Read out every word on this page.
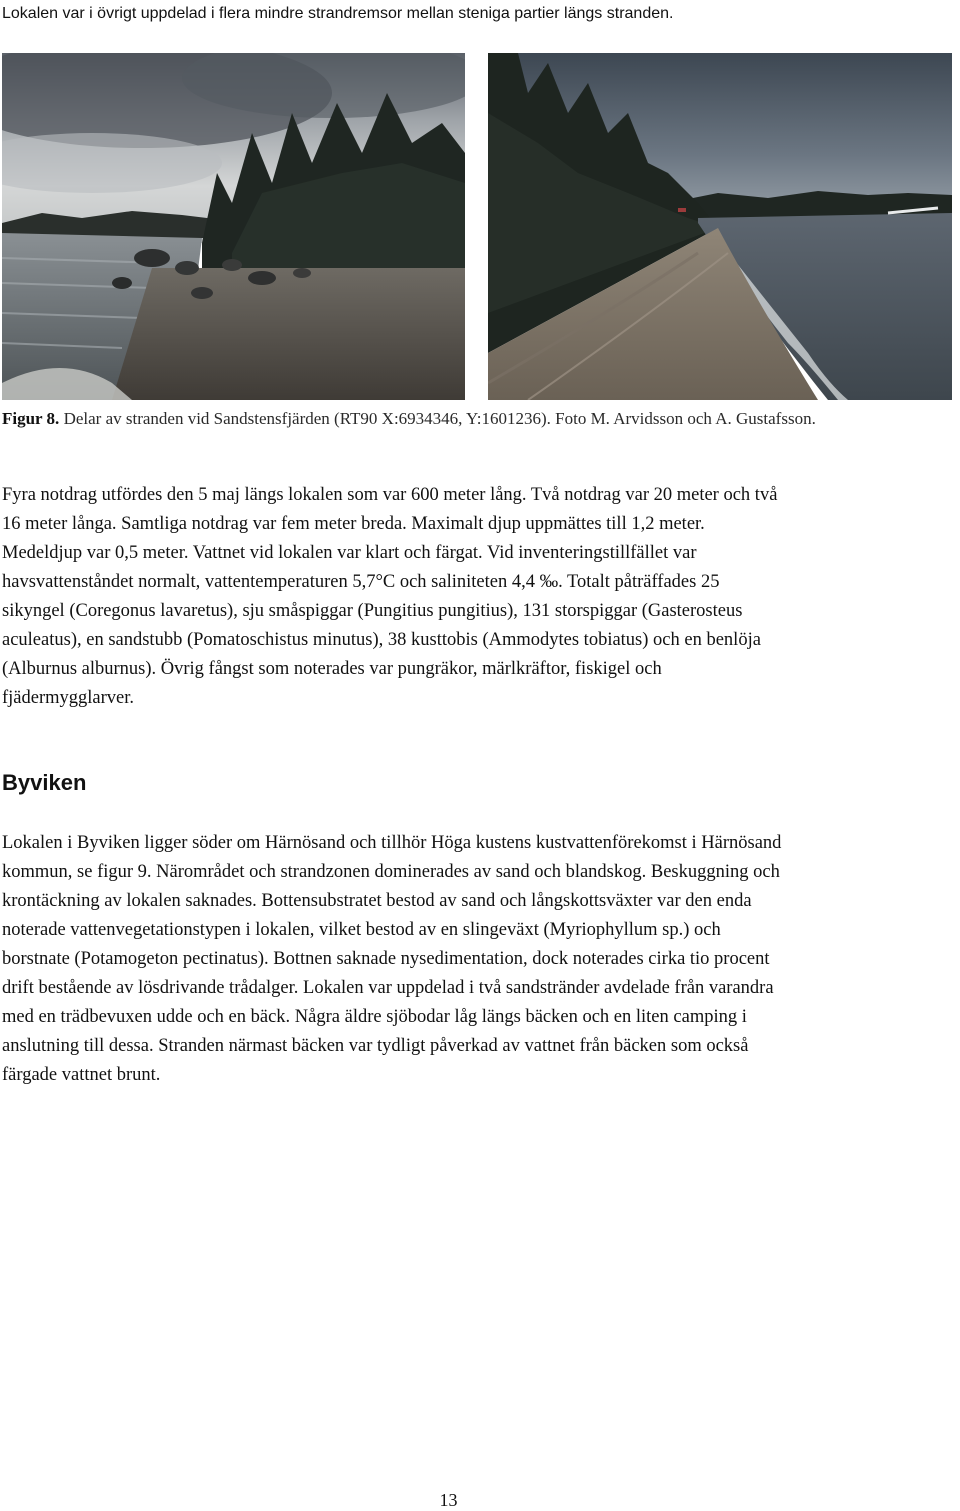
Lokalen var i övrigt uppdelad i flera mindre strandremsor mellan steniga partier längs stranden.
Figur 8. Delar av stranden vid Sandstensfjärden (RT90 X:6934346, Y:1601236). Foto M. Arvidsson och A. Gustafsson.
Fyra notdrag utfördes den 5 maj längs lokalen som var 600 meter lång. Två notdrag var 20 meter och två
16 meter långa. Samtliga notdrag var fem meter breda. Maximalt djup uppmättes till 1,2 meter.
Medeldjup var 0,5 meter. Vattnet vid lokalen var klart och färgat. Vid inventeringstillfället var
havsvattenståndet normalt, vattentemperaturen 5,7°C och saliniteten 4,4 ‰. Totalt påträffades 25
sikyngel (Coregonus lavaretus), sju småspiggar (Pungitius pungitius), 131 storspiggar (Gasterosteus
aculeatus), en sandstubb (Pomatoschistus minutus), 38 kusttobis (Ammodytes tobiatus) och en benlöja
(Alburnus alburnus). Övrig fångst som noterades var pungräkor, märlkräftor, fiskigel och
fjädermygglarver.
Byviken
Lokalen i Byviken ligger söder om Härnösand och tillhör Höga kustens kustvattenförekomst i Härnösand
kommun, se figur 9. Närområdet och strandzonen dominerades av sand och blandskog. Beskuggning och
krontäckning av lokalen saknades. Bottensubstratet bestod av sand och långskottsväxter var den enda
noterade vattenvegetationstypen i lokalen, vilket bestod av en slingeväxt (Myriophyllum sp.) och
borstnate (Potamogeton pectinatus). Bottnen saknade nysedimentation, dock noterades cirka tio procent
drift bestående av lösdrivande trådalger. Lokalen var uppdelad i två sandstränder avdelade från varandra
med en trädbevuxen udde och en bäck. Några äldre sjöbodar låg längs bäcken och en liten camping i
anslutning till dessa. Stranden närmast bäcken var tydligt påverkad av vattnet från bäcken som också
färgade vattnet brunt.
13
